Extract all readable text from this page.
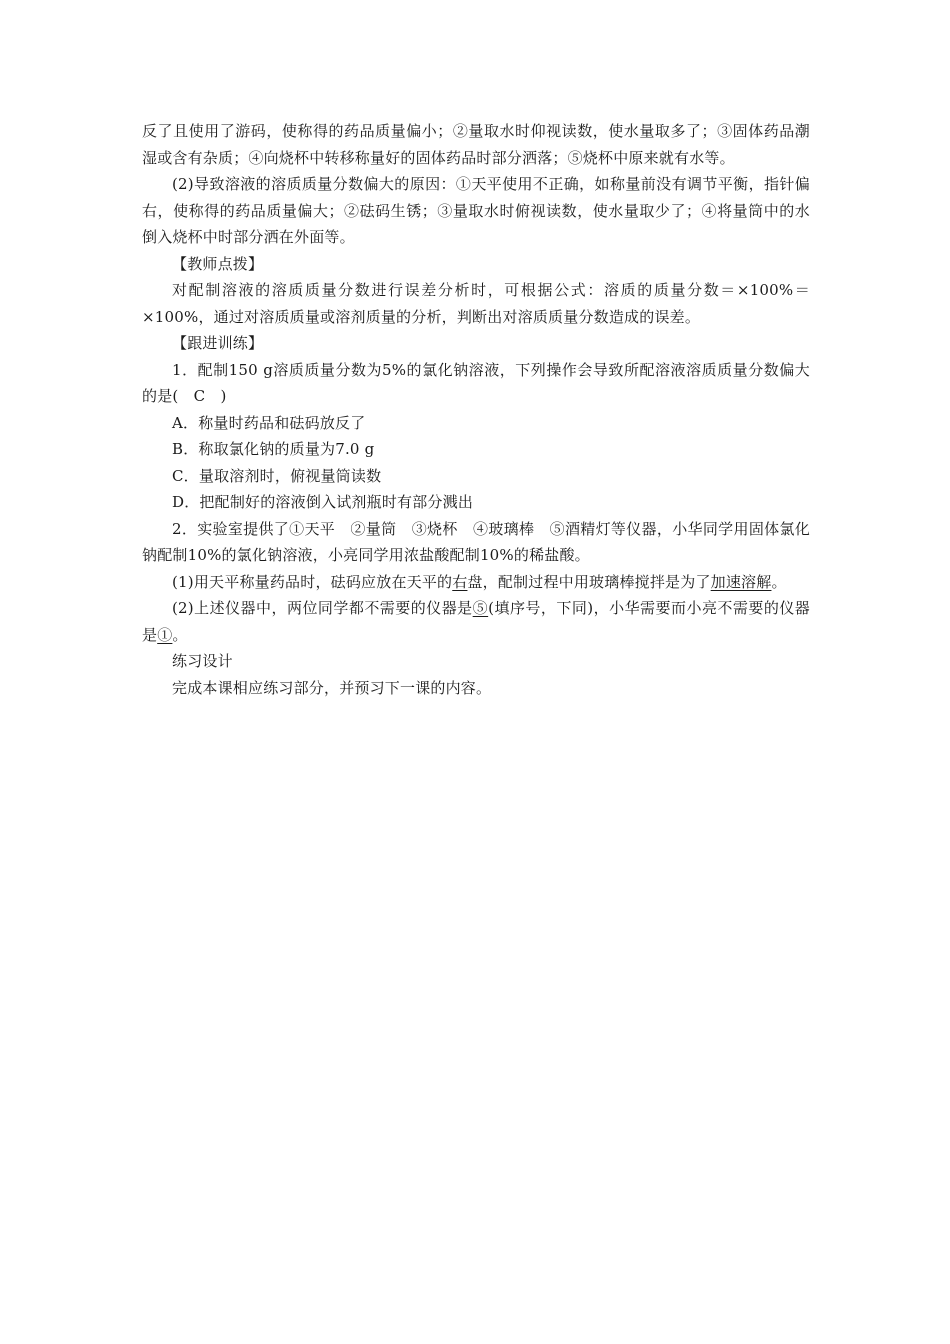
反了且使用了游码，使称得的药品质量偏小；②量取水时仰视读数，使水量取多了；③固体药品潮湿或含有杂质；④向烧杯中转移称量好的固体药品时部分洒落；⑤烧杯中原来就有水等。

(2)导致溶液的溶质质量分数偏大的原因：①天平使用不正确，如称量前没有调节平衡，指针偏右，使称得的药品质量偏大；②砝码生锈；③量取水时俯视读数，使水量取少了；④将量筒中的水倒入烧杯中时部分洒在外面等。

【教师点拨】

对配制溶液的溶质质量分数进行误差分析时，可根据公式：溶质的质量分数＝×100%＝×100%，通过对溶质质量或溶剂质量的分析，判断出对溶质质量分数造成的误差。

【跟进训练】

1．配制150 g溶质质量分数为5%的氯化钠溶液，下列操作会导致所配溶液溶质质量分数偏大的是(　C　)

A．称量时药品和砝码放反了

B．称取氯化钠的质量为7.0 g

C．量取溶剂时，俯视量筒读数

D．把配制好的溶液倒入试剂瓶时有部分溅出

2．实验室提供了①天平　②量筒　③烧杯　④玻璃棒　⑤酒精灯等仪器，小华同学用固体氯化钠配制10%的氯化钠溶液，小亮同学用浓盐酸配制10%的稀盐酸。

(1)用天平称量药品时，砝码应放在天平的右盘，配制过程中用玻璃棒搅拌是为了加速溶解。

(2)上述仪器中，两位同学都不需要的仪器是⑤(填序号，下同)，小华需要而小亮不需要的仪器是①。

练习设计

完成本课相应练习部分，并预习下一课的内容。
